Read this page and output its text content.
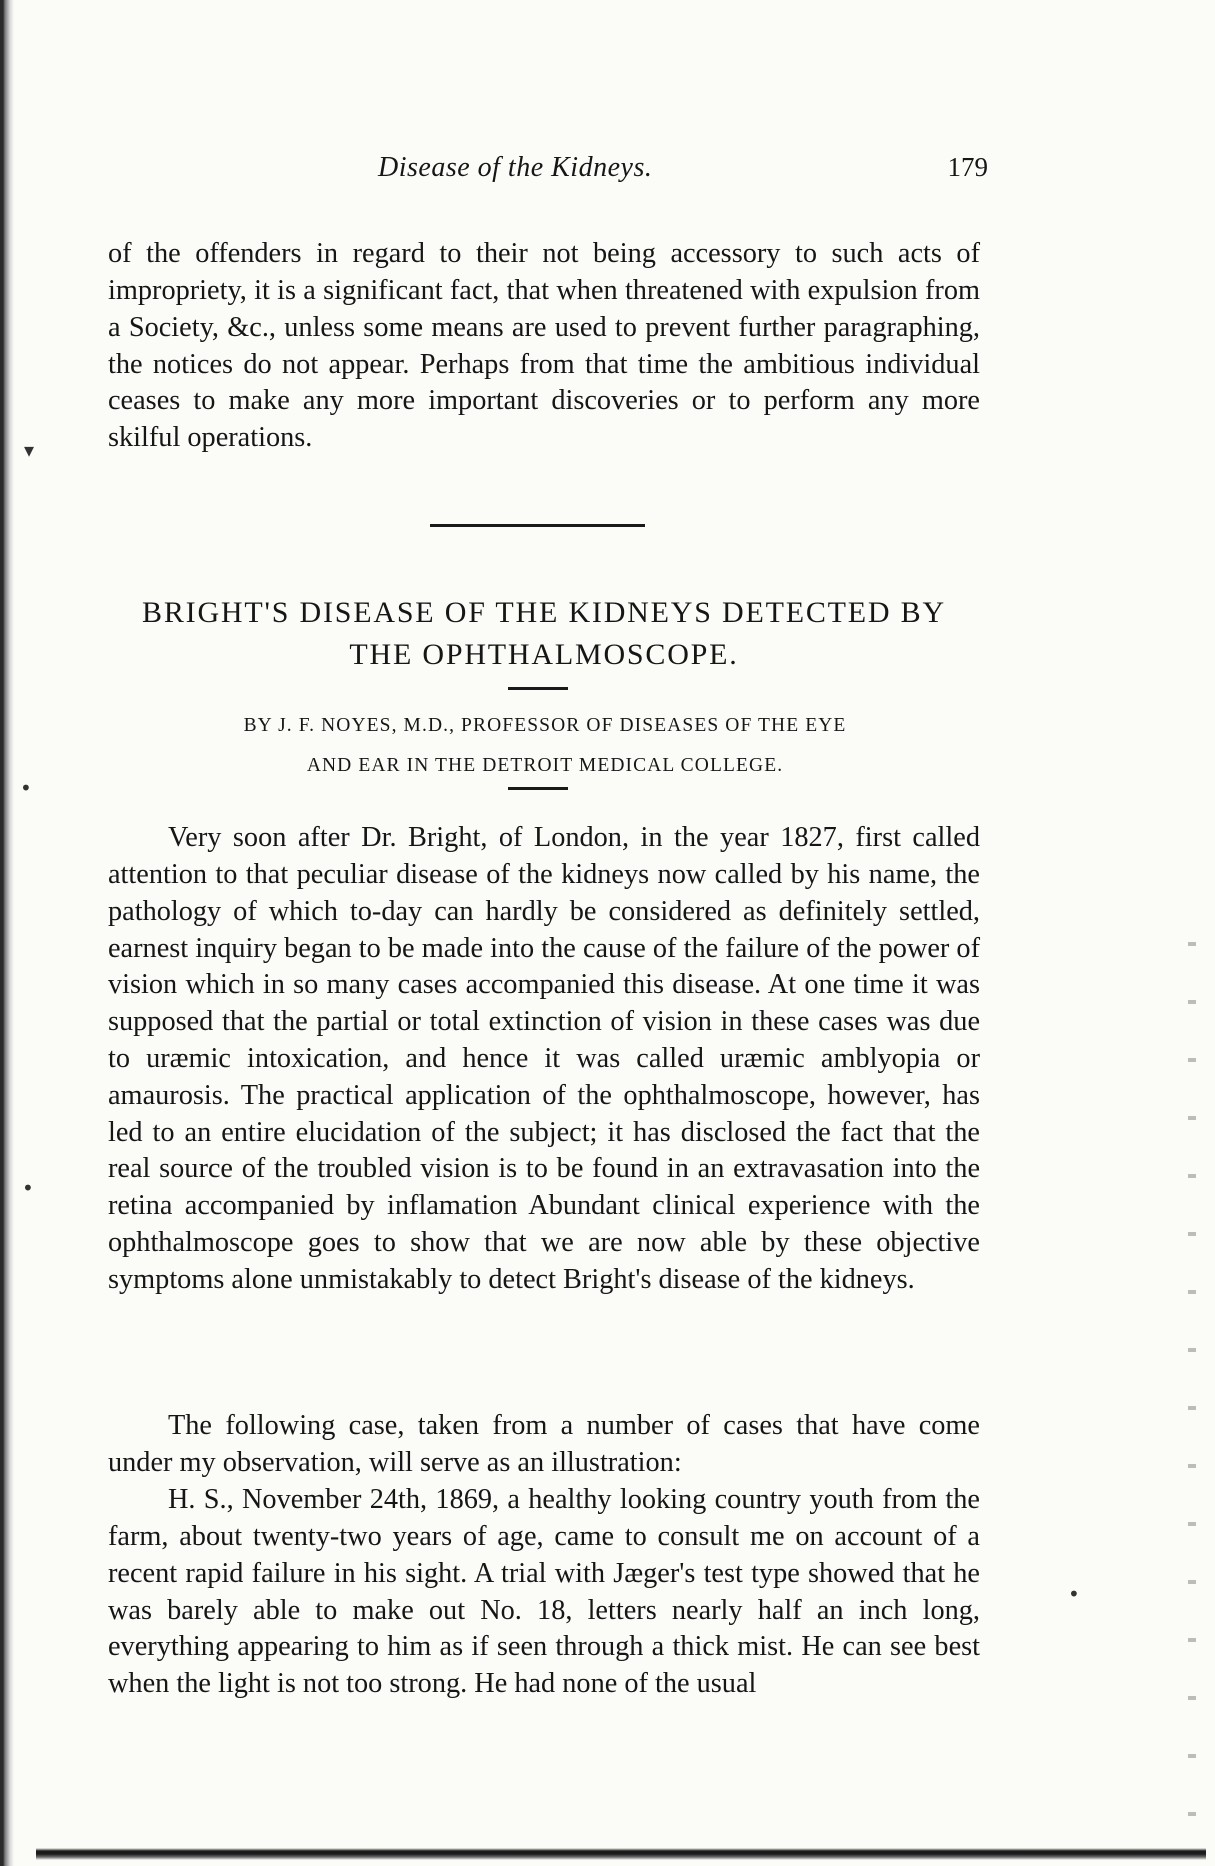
Disease of the Kidneys.	179

of the offenders in regard to their not being accessory to such acts of impropriety, it is a significant fact, that when threatened with expulsion from a Society, &c., unless some means are used to prevent further paragraphing, the notices do not appear. Perhaps from that time the ambitious individual ceases to make any more important discoveries or to perform any more skilful operations.

BRIGHT'S DISEASE OF THE KIDNEYS DETECTED BY
THE OPHTHALMOSCOPE.
BY J. F. NOYES, M.D., PROFESSOR OF DISEASES OF THE EYE
AND EAR IN THE DETROIT MEDICAL COLLEGE.

Very soon after Dr. Bright, of London, in the year 1827, first called attention to that peculiar disease of the kidneys now called by his name, the pathology of which to-day can hardly be considered as definitely settled, earnest inquiry began to be made into the cause of the failure of the power of vision which in so many cases accompanied this disease. At one time it was supposed that the partial or total extinction of vision in these cases was due to uræmic intoxication, and hence it was called uræmic amblyopia or amaurosis. The practical application of the ophthalmoscope, however, has led to an entire elucidation of the subject; it has disclosed the fact that the real source of the troubled vision is to be found in an extravasation into the retina accompanied by inflamation Abundant clinical experience with the ophthalmoscope goes to show that we are now able by these objective symptoms alone unmistakably to detect Bright's disease of the kidneys.

The following case, taken from a number of cases that have come under my observation, will serve as an illustration:

H. S., November 24th, 1869, a healthy looking country youth from the farm, about twenty-two years of age, came to consult me on account of a recent rapid failure in his sight. A trial with Jæger's test type showed that he was barely able to make out No. 18, letters nearly half an inch long, everything appearing to him as if seen through a thick mist. He can see best when the light is not too strong. He had none of the usual

▾
•
•
•
